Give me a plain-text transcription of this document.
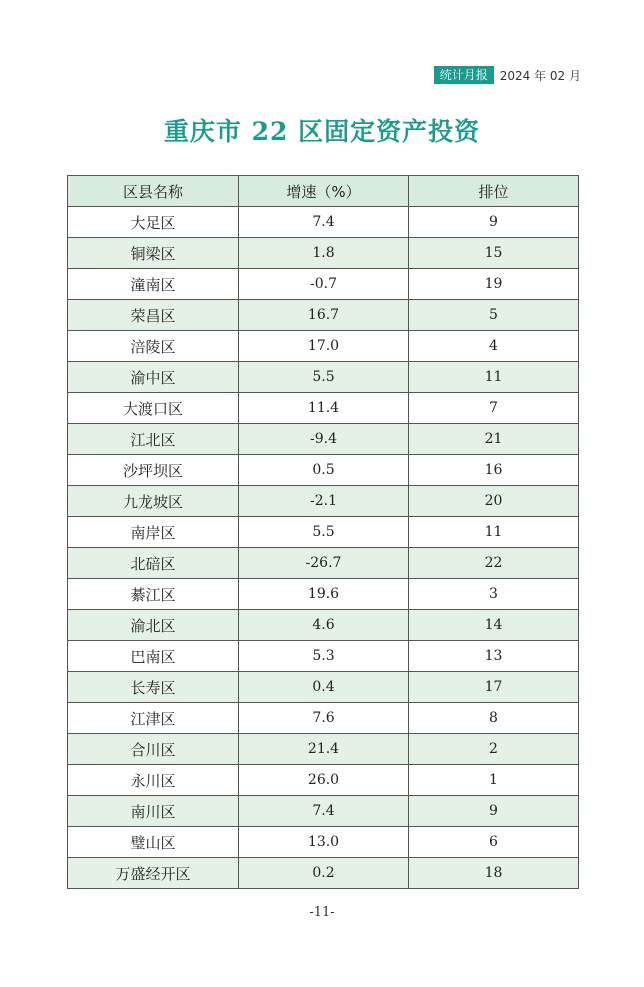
统计月报	2024 年 02 月
重庆市 22 区固定资产投资
区县名称	增速（%）	排位
大足区	7.4	9
铜梁区	1.8	15
潼南区	-0.7	19
荣昌区	16.7	5
涪陵区	17.0	4
渝中区	5.5	11
大渡口区	11.4	7
江北区	-9.4	21
沙坪坝区	0.5	16
九龙坡区	-2.1	20
南岸区	5.5	11
北碚区	-26.7	22
綦江区	19.6	3
渝北区	4.6	14
巴南区	5.3	13
长寿区	0.4	17
江津区	7.6	8
合川区	21.4	2
永川区	26.0	1
南川区	7.4	9
璧山区	13.0	6
万盛经开区	0.2	18
-11-
